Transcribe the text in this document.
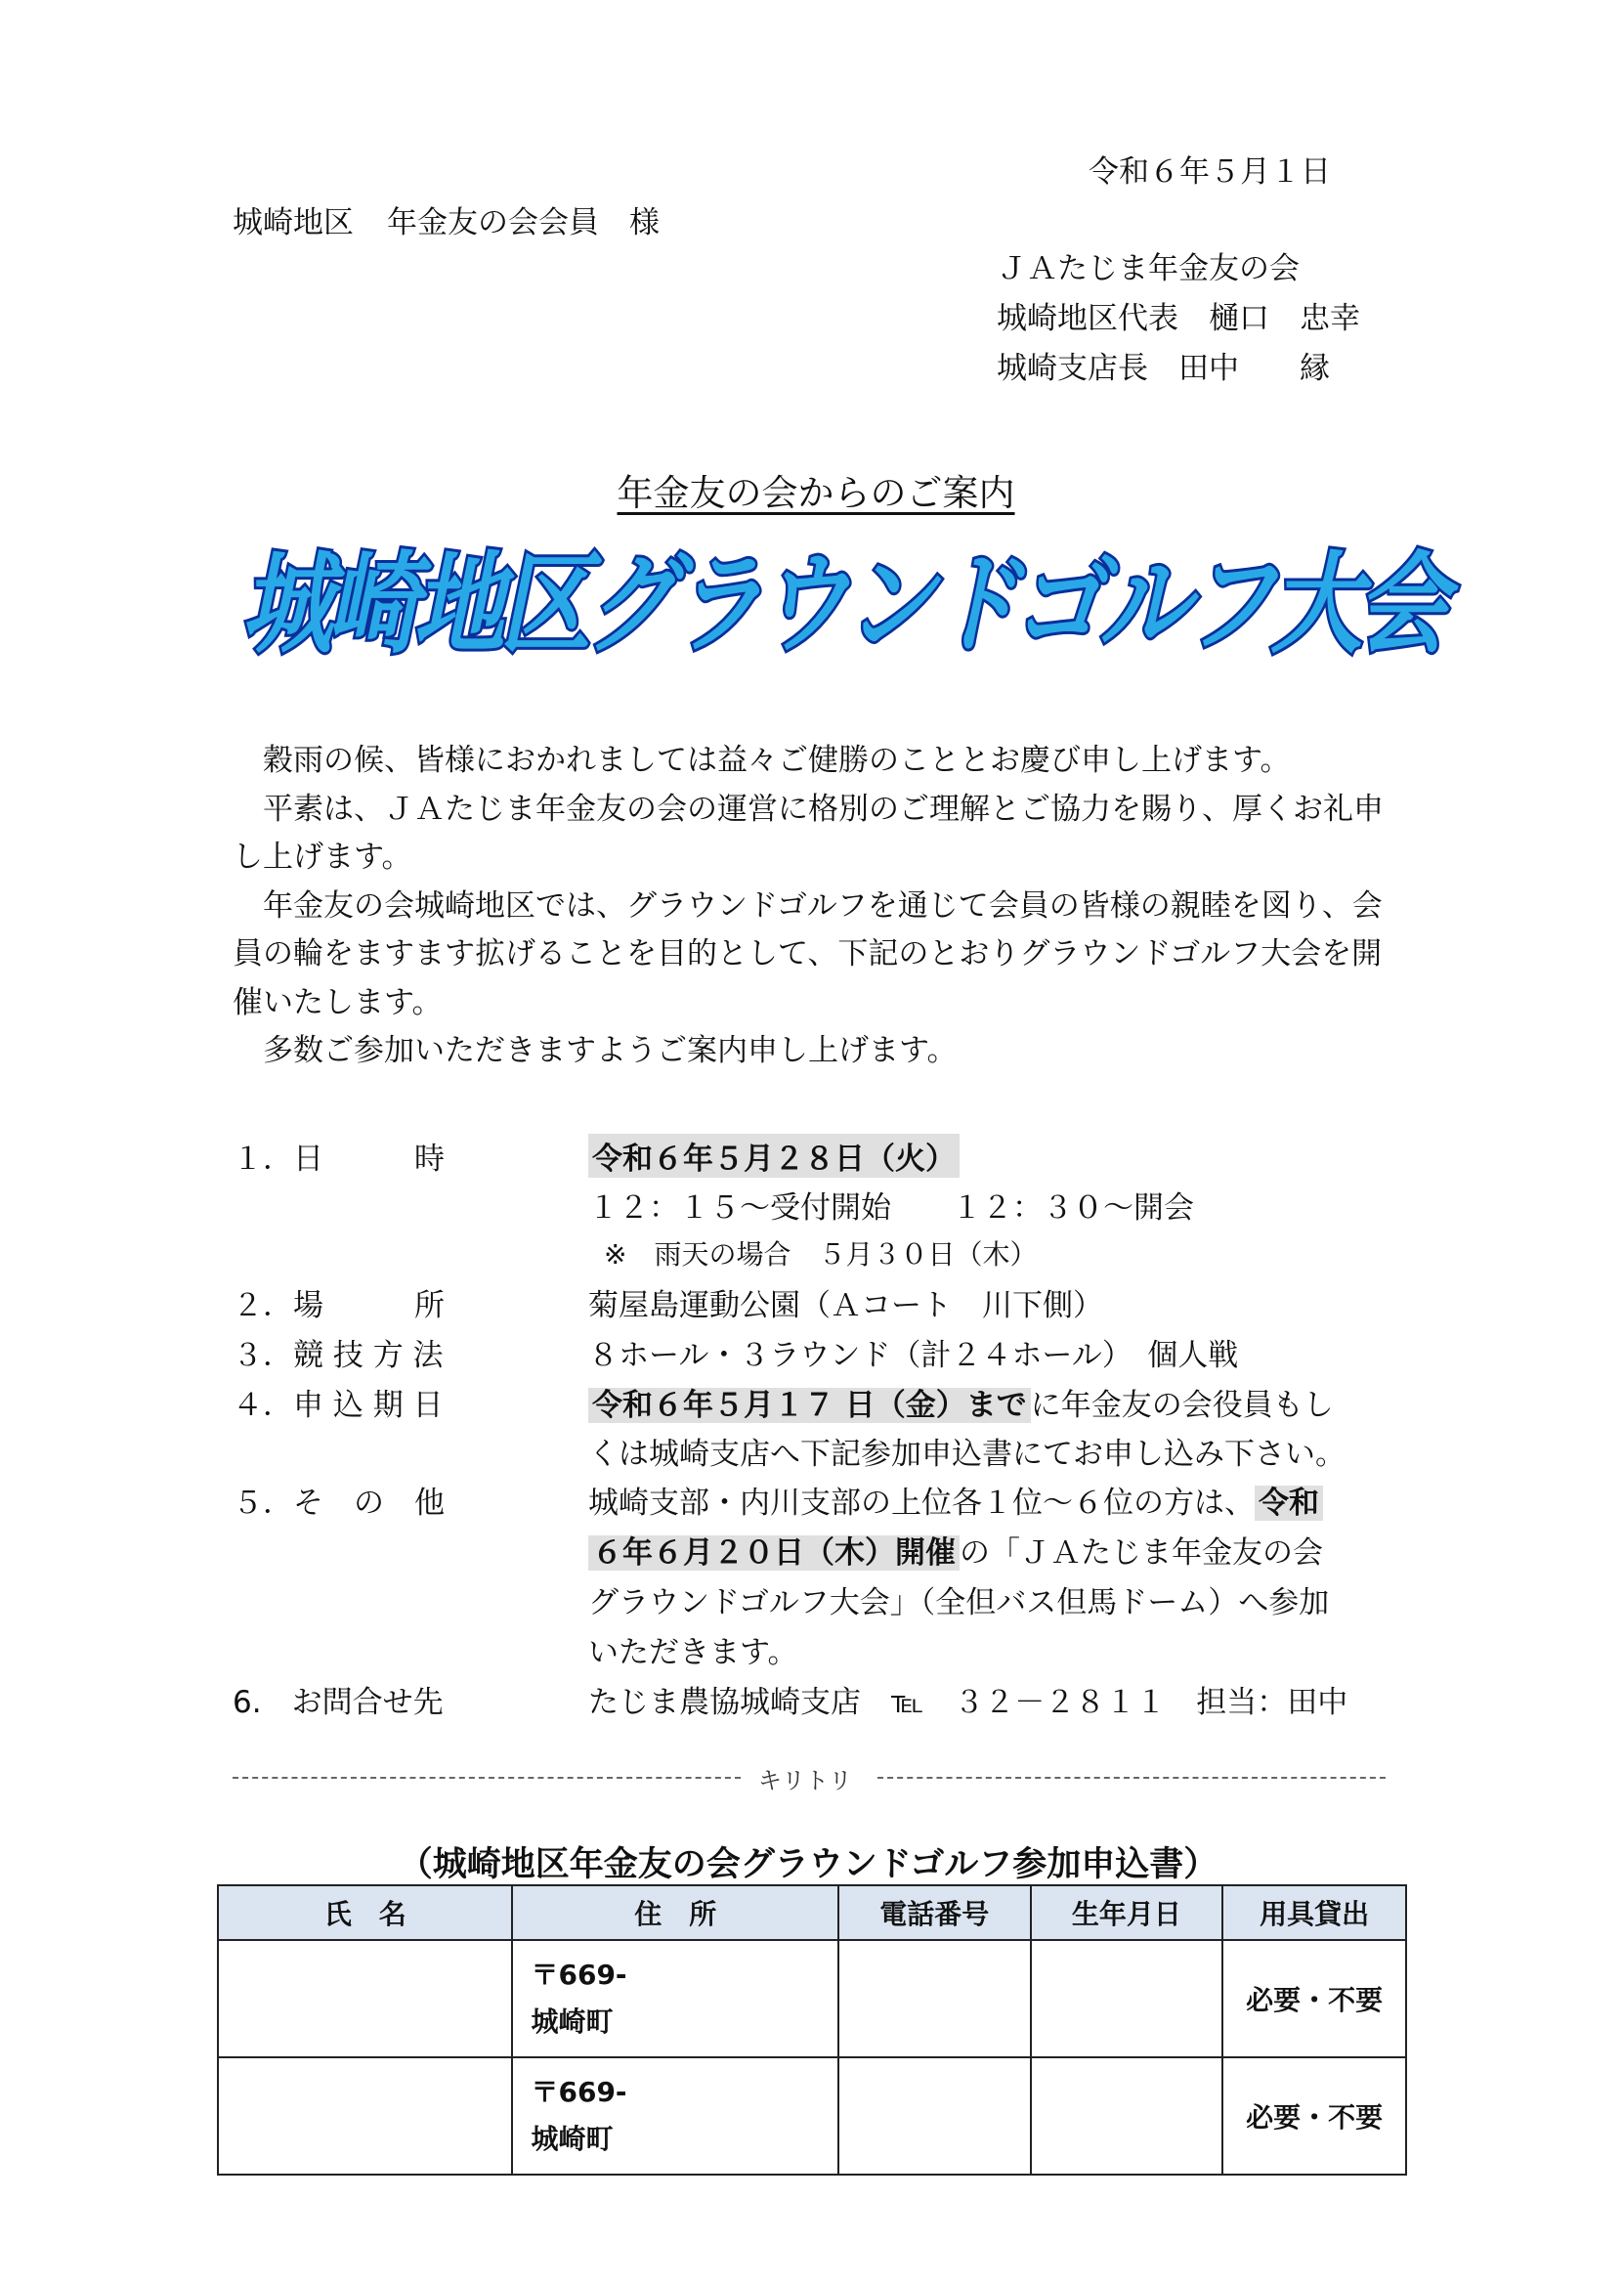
令和６年５月１日
城崎地区 年金友の会会員　様
ＪＡたじま年金友の会
城崎地区代表　樋口　忠幸
城崎支店長　田中　　縁
年金友の会からのご案内
城崎地区グラウンドゴルフ大会

　穀雨の候、皆様におかれましては益々ご健勝のこととお慶び申し上げます。

　平素は、ＪＡたじま年金友の会の運営に格別のご理解とご協力を賜り、厚くお礼申し上げます。

　年金友の会城崎地区では、グラウンドゴルフを通じて会員の皆様の親睦を図り、会員の輪をますます拡げることを目的として、下記のとおりグラウンドゴルフ大会を開催いたします。

　多数ご参加いただきますようご案内申し上げます。

１．日　　　時	令和６年５月２８日（火）
１２：１５～受付開始　　１２：３０～開会
※　雨天の場合　５月３０日（木）
２．場　　　所	菊屋島運動公園（Ａコート　川下側）
３．競 技 方 法	８ホール・３ラウンド（計２４ホール）　個人戦
４．申 込 期 日	令和６年５月１７ 日（金）まで に年金友の会役員もし
くは城崎支店へ下記参加申込書にてお申し込み下さい。
５．そ　の　他	城崎支部・内川支部の上位各１位～６位の方は、 令和
６年６月２０日（木）開催 の「ＪＡたじま年金友の会
グラウンドゴルフ大会」（全但バス但馬ドーム）へ参加
いただきます。
6.　お問合せ先	たじま農協城崎支店　℡　３２－２８１１　担当：田中
キリトリ
（城崎地区年金友の会グラウンドゴルフ参加申込書）
氏　名	住　所	電話番号	生年月日	用具貸出

	〒669-
城崎町			必要・不要

	〒669-
城崎町			必要・不要
